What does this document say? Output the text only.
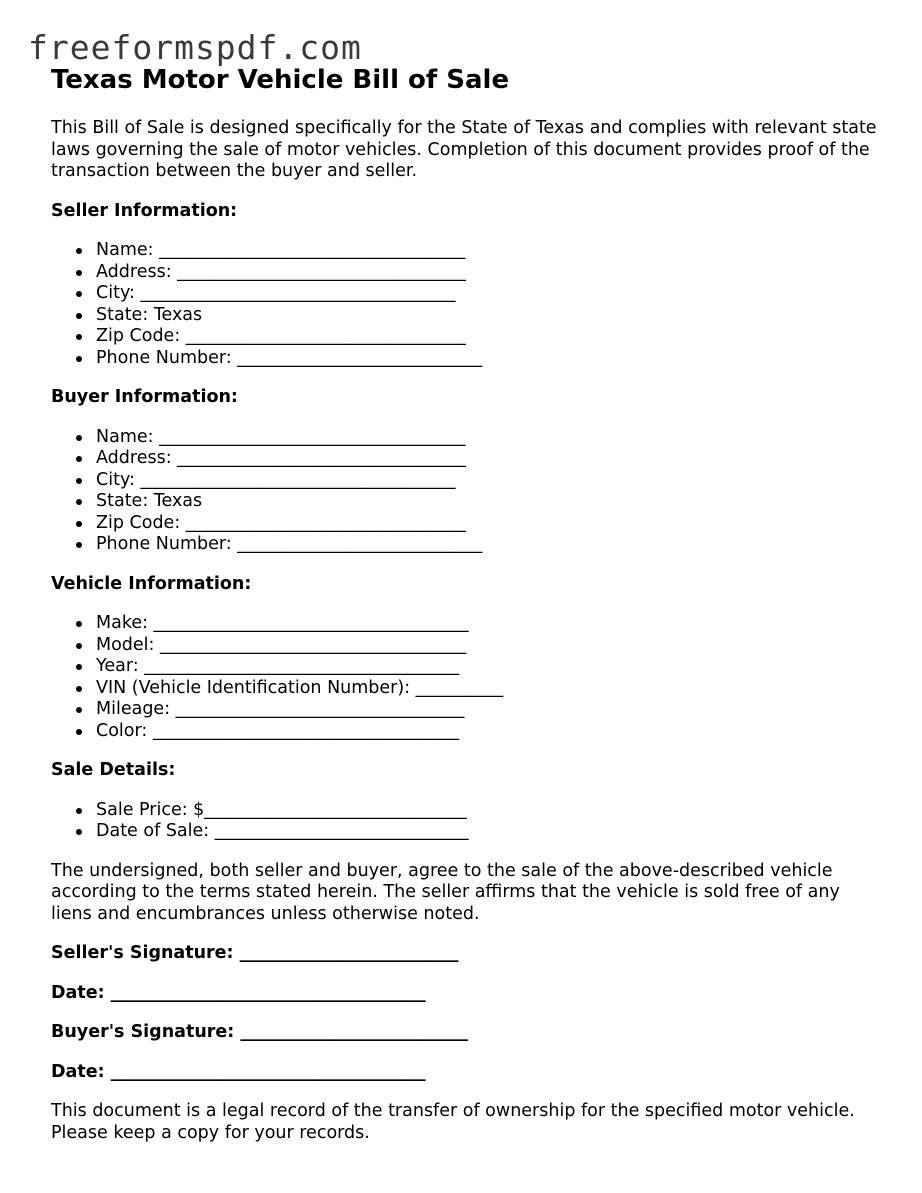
freeformspdf.com
Texas Motor Vehicle Bill of Sale

This Bill of Sale is designed specifically for the State of Texas and complies with relevant state laws governing the sale of motor vehicles. Completion of this document provides proof of the transaction between the buyer and seller.

Seller Information:
Name: ___________________________________
Address: _________________________________
City: ____________________________________
State: Texas
Zip Code: ________________________________
Phone Number: ____________________________
Buyer Information:
Name: ___________________________________
Address: _________________________________
City: ____________________________________
State: Texas
Zip Code: ________________________________
Phone Number: ____________________________
Vehicle Information:
Make: ____________________________________
Model: ___________________________________
Year: ____________________________________
VIN (Vehicle Identification Number): __________
Mileage: _________________________________
Color: ___________________________________
Sale Details:
Sale Price: $______________________________
Date of Sale: _____________________________

The undersigned, both seller and buyer, agree to the sale of the above-described vehicle according to the terms stated herein. The seller affirms that the vehicle is sold free of any liens and encumbrances unless otherwise noted.

Seller's Signature: _________________________
Date: ____________________________________
Buyer's Signature: __________________________
Date: ____________________________________

This document is a legal record of the transfer of ownership for the specified motor vehicle. Please keep a copy for your records.
